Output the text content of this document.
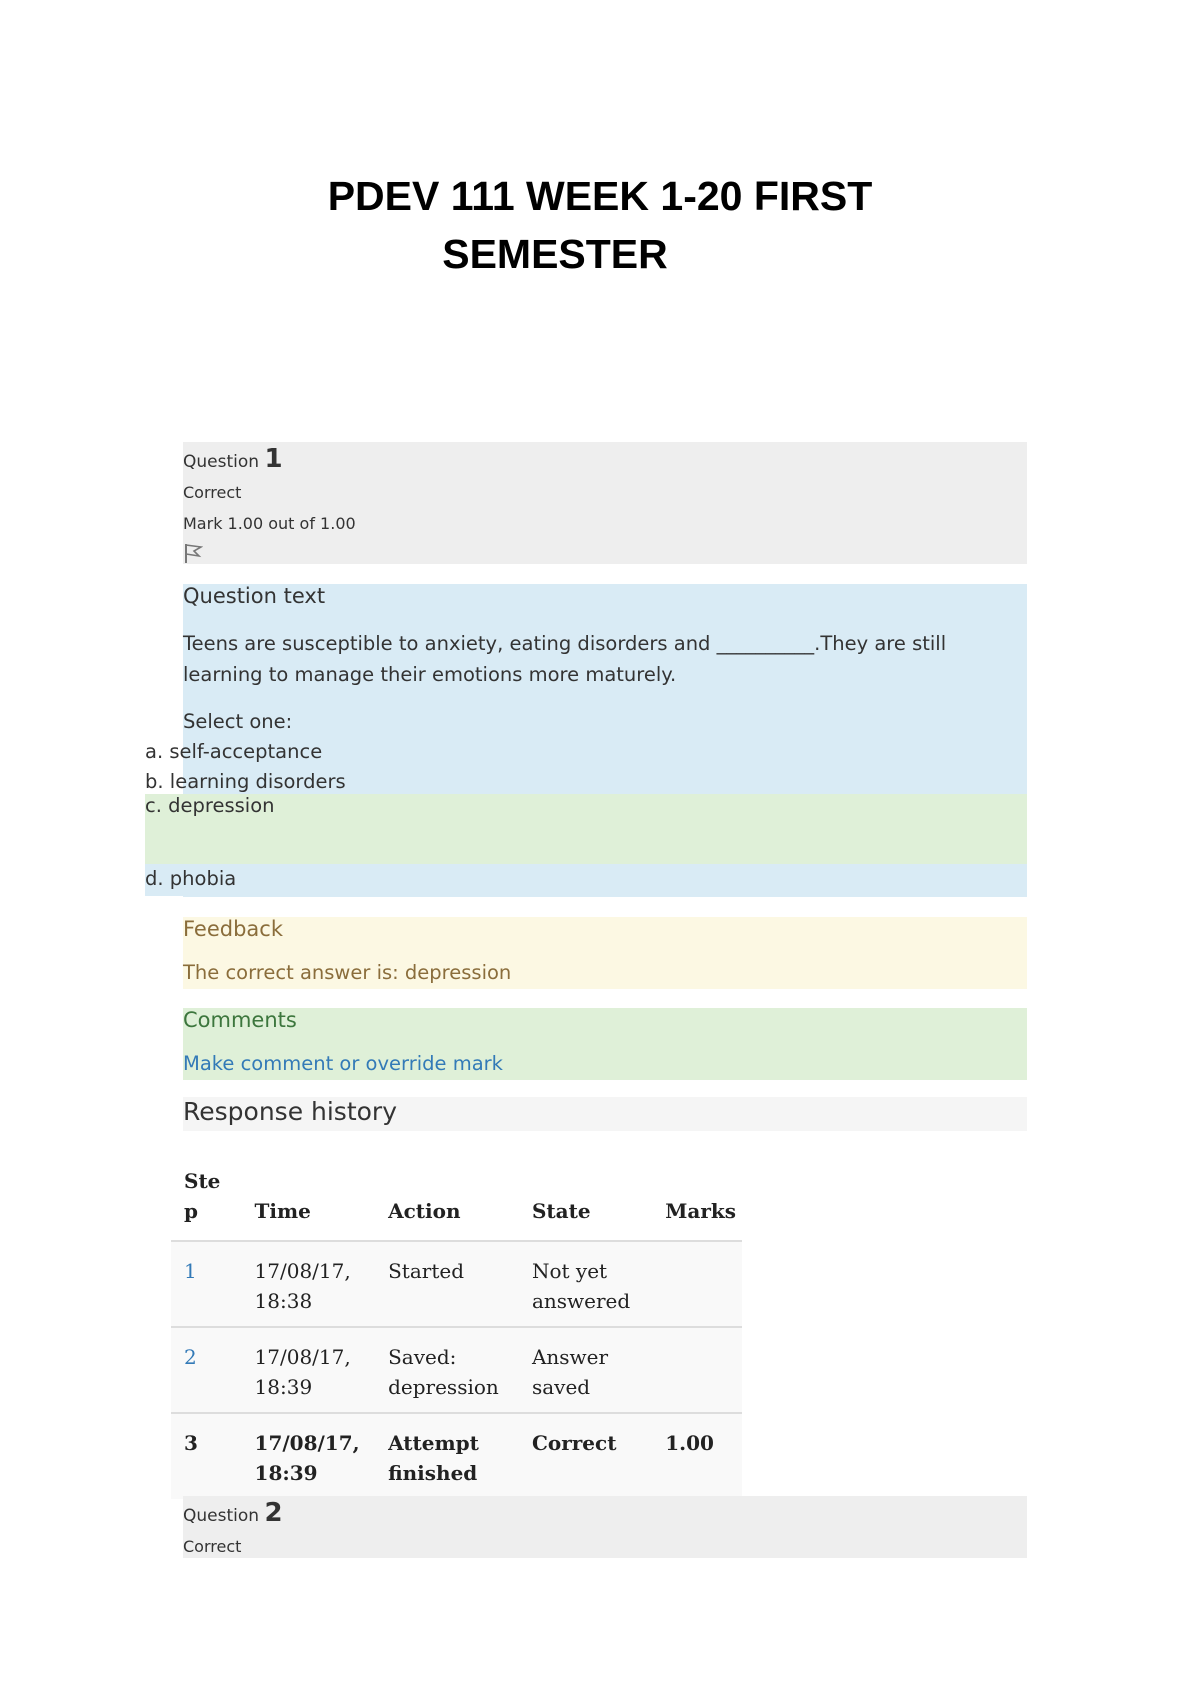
PDEV 111 WEEK 1-20 FIRST
SEMESTER
Question 1
Correct
Mark 1.00 out of 1.00
Question text
Teens are susceptible to anxiety, eating disorders and __________.They are still learning to manage their emotions more maturely.
Select one:
a. self-acceptance
b. learning disorders
c. depression
d. phobia
Feedback
The correct answer is: depression
Comments
Make comment or override mark
Response history
Ste
p	Time	Action	State	Marks
1	17/08/17, 18:38	Started	Not yet answered	
2	17/08/17, 18:39	Saved: depression	Answer saved	
3	17/08/17, 18:39	Attempt finished	Correct	1.00
Question 2
Correct
